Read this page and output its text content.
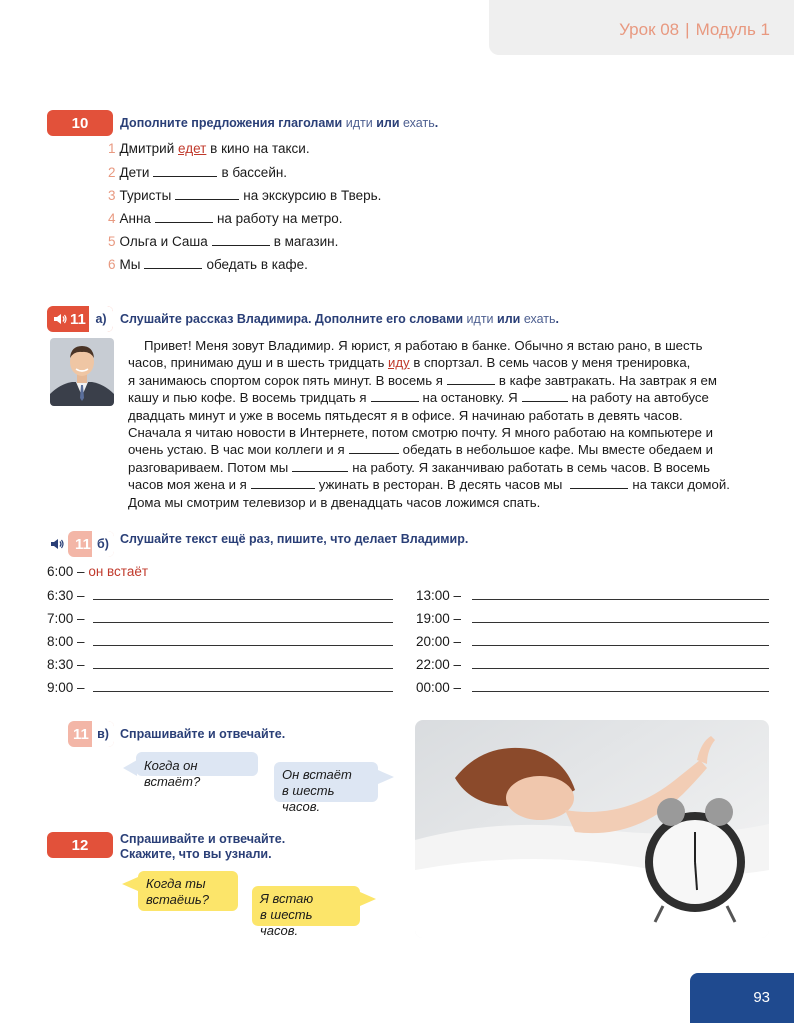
Урок 08 | Модуль 1
10	Дополните предложения глаголами идти или ехать.
1 Дмитрий едет в кино на такси.
2 Дети	в бассейн.
3 Туристы	на экскурсию в Тверь.
4 Анна	на работу на метро.
5 Ольга и Саша	в магазин.
6 Мы	обедать в кафе.
11 а)	Слушайте рассказ Владимира. Дополните его словами идти или ехать.
Привет! Меня зовут Владимир. Я юрист, я работаю в банке. Обычно я встаю рано, в шесть
часов, принимаю душ и в шесть тридцать иду в спортзал. В семь часов у меня тренировка,
я занимаюсь спортом сорок пять минут. В восемь я	в кафе завтракать. На завтрак я ем
кашу и пью кофе. В восемь тридцать я	на остановку. Я	на работу на автобусе
двадцать минут и уже в восемь пятьдесят я в офисе. Я начинаю работать в девять часов.
Сначала я читаю новости в Интернете, потом смотрю почту. Я много работаю на компьютере и
очень устаю. В час мои коллеги и я	обедать в небольшое кафе. Мы вместе обедаем и
разговариваем. Потом мы	на работу. Я заканчиваю работать в семь часов. В восемь
часов моя жена и я	ужинать в ресторан. В десять часов мы	на такси домой.
Дома мы смотрим телевизор и в двенадцать часов ложимся спать.
11 б) Слушайте текст ещё раз, пишите, что делает Владимир.
6:00 – он встаёт
6:30 –
7:00 –
8:00 –
8:30 –
9:00 –
13:00 –
19:00 –
20:00 –
22:00 –
00:00 –
11 в) Спрашивайте и отвечайте.
Когда он встаёт?	Он встаёт
в шесть часов.
12	Спрашивайте и отвечайте.
Скажите, что вы узнали.
Когда ты
встаёшь?	Я встаю
в шесть часов.
93
